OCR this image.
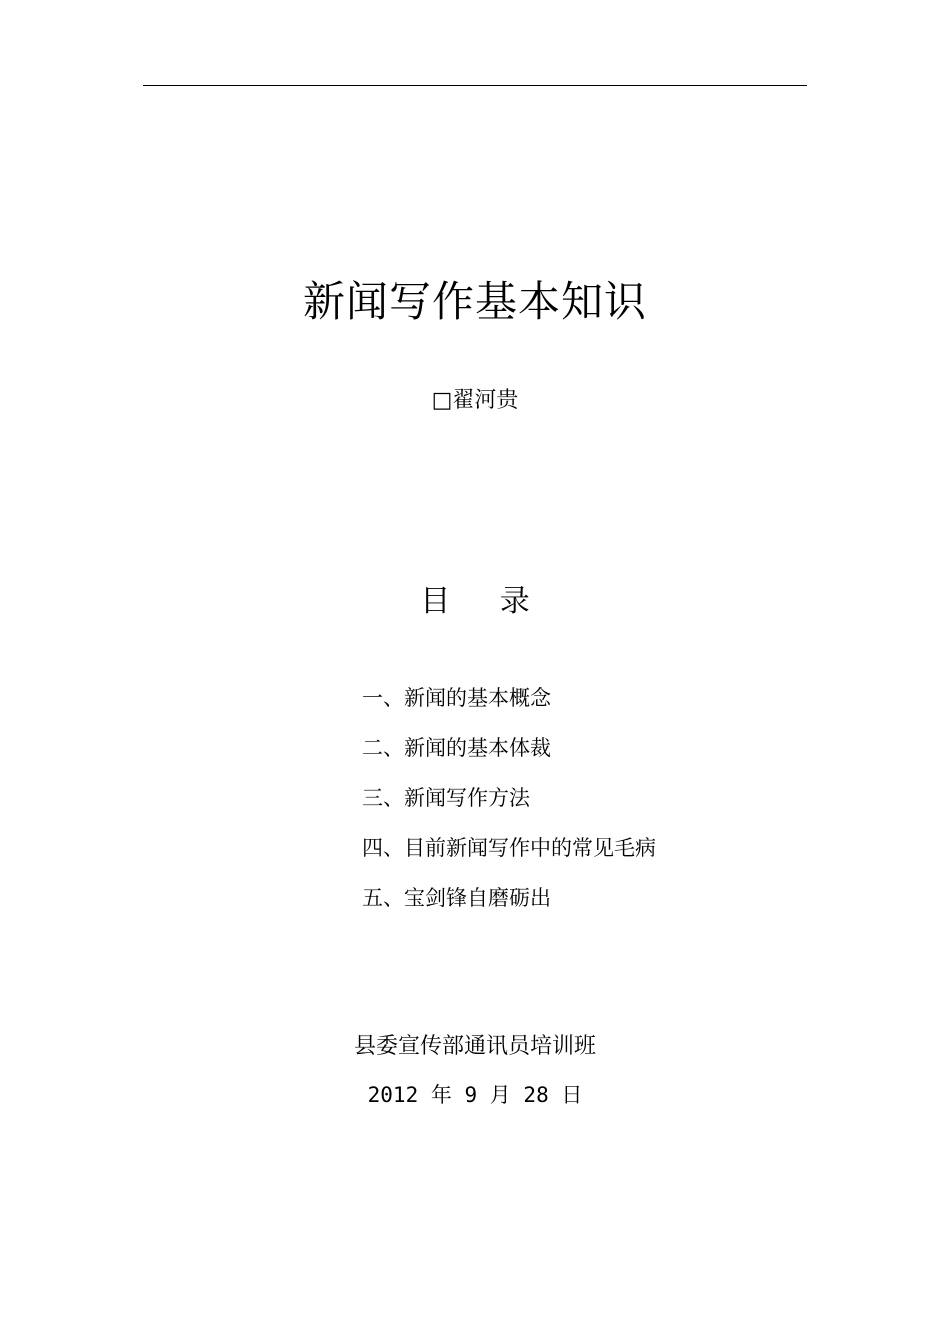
新闻写作基本知识
□翟河贵
目 录
一、新闻的基本概念
二、新闻的基本体裁
三、新闻写作方法
四、目前新闻写作中的常见毛病
五、宝剑锋自磨砺出
县委宣传部通讯员培训班
2012 年 9 月 28 日
